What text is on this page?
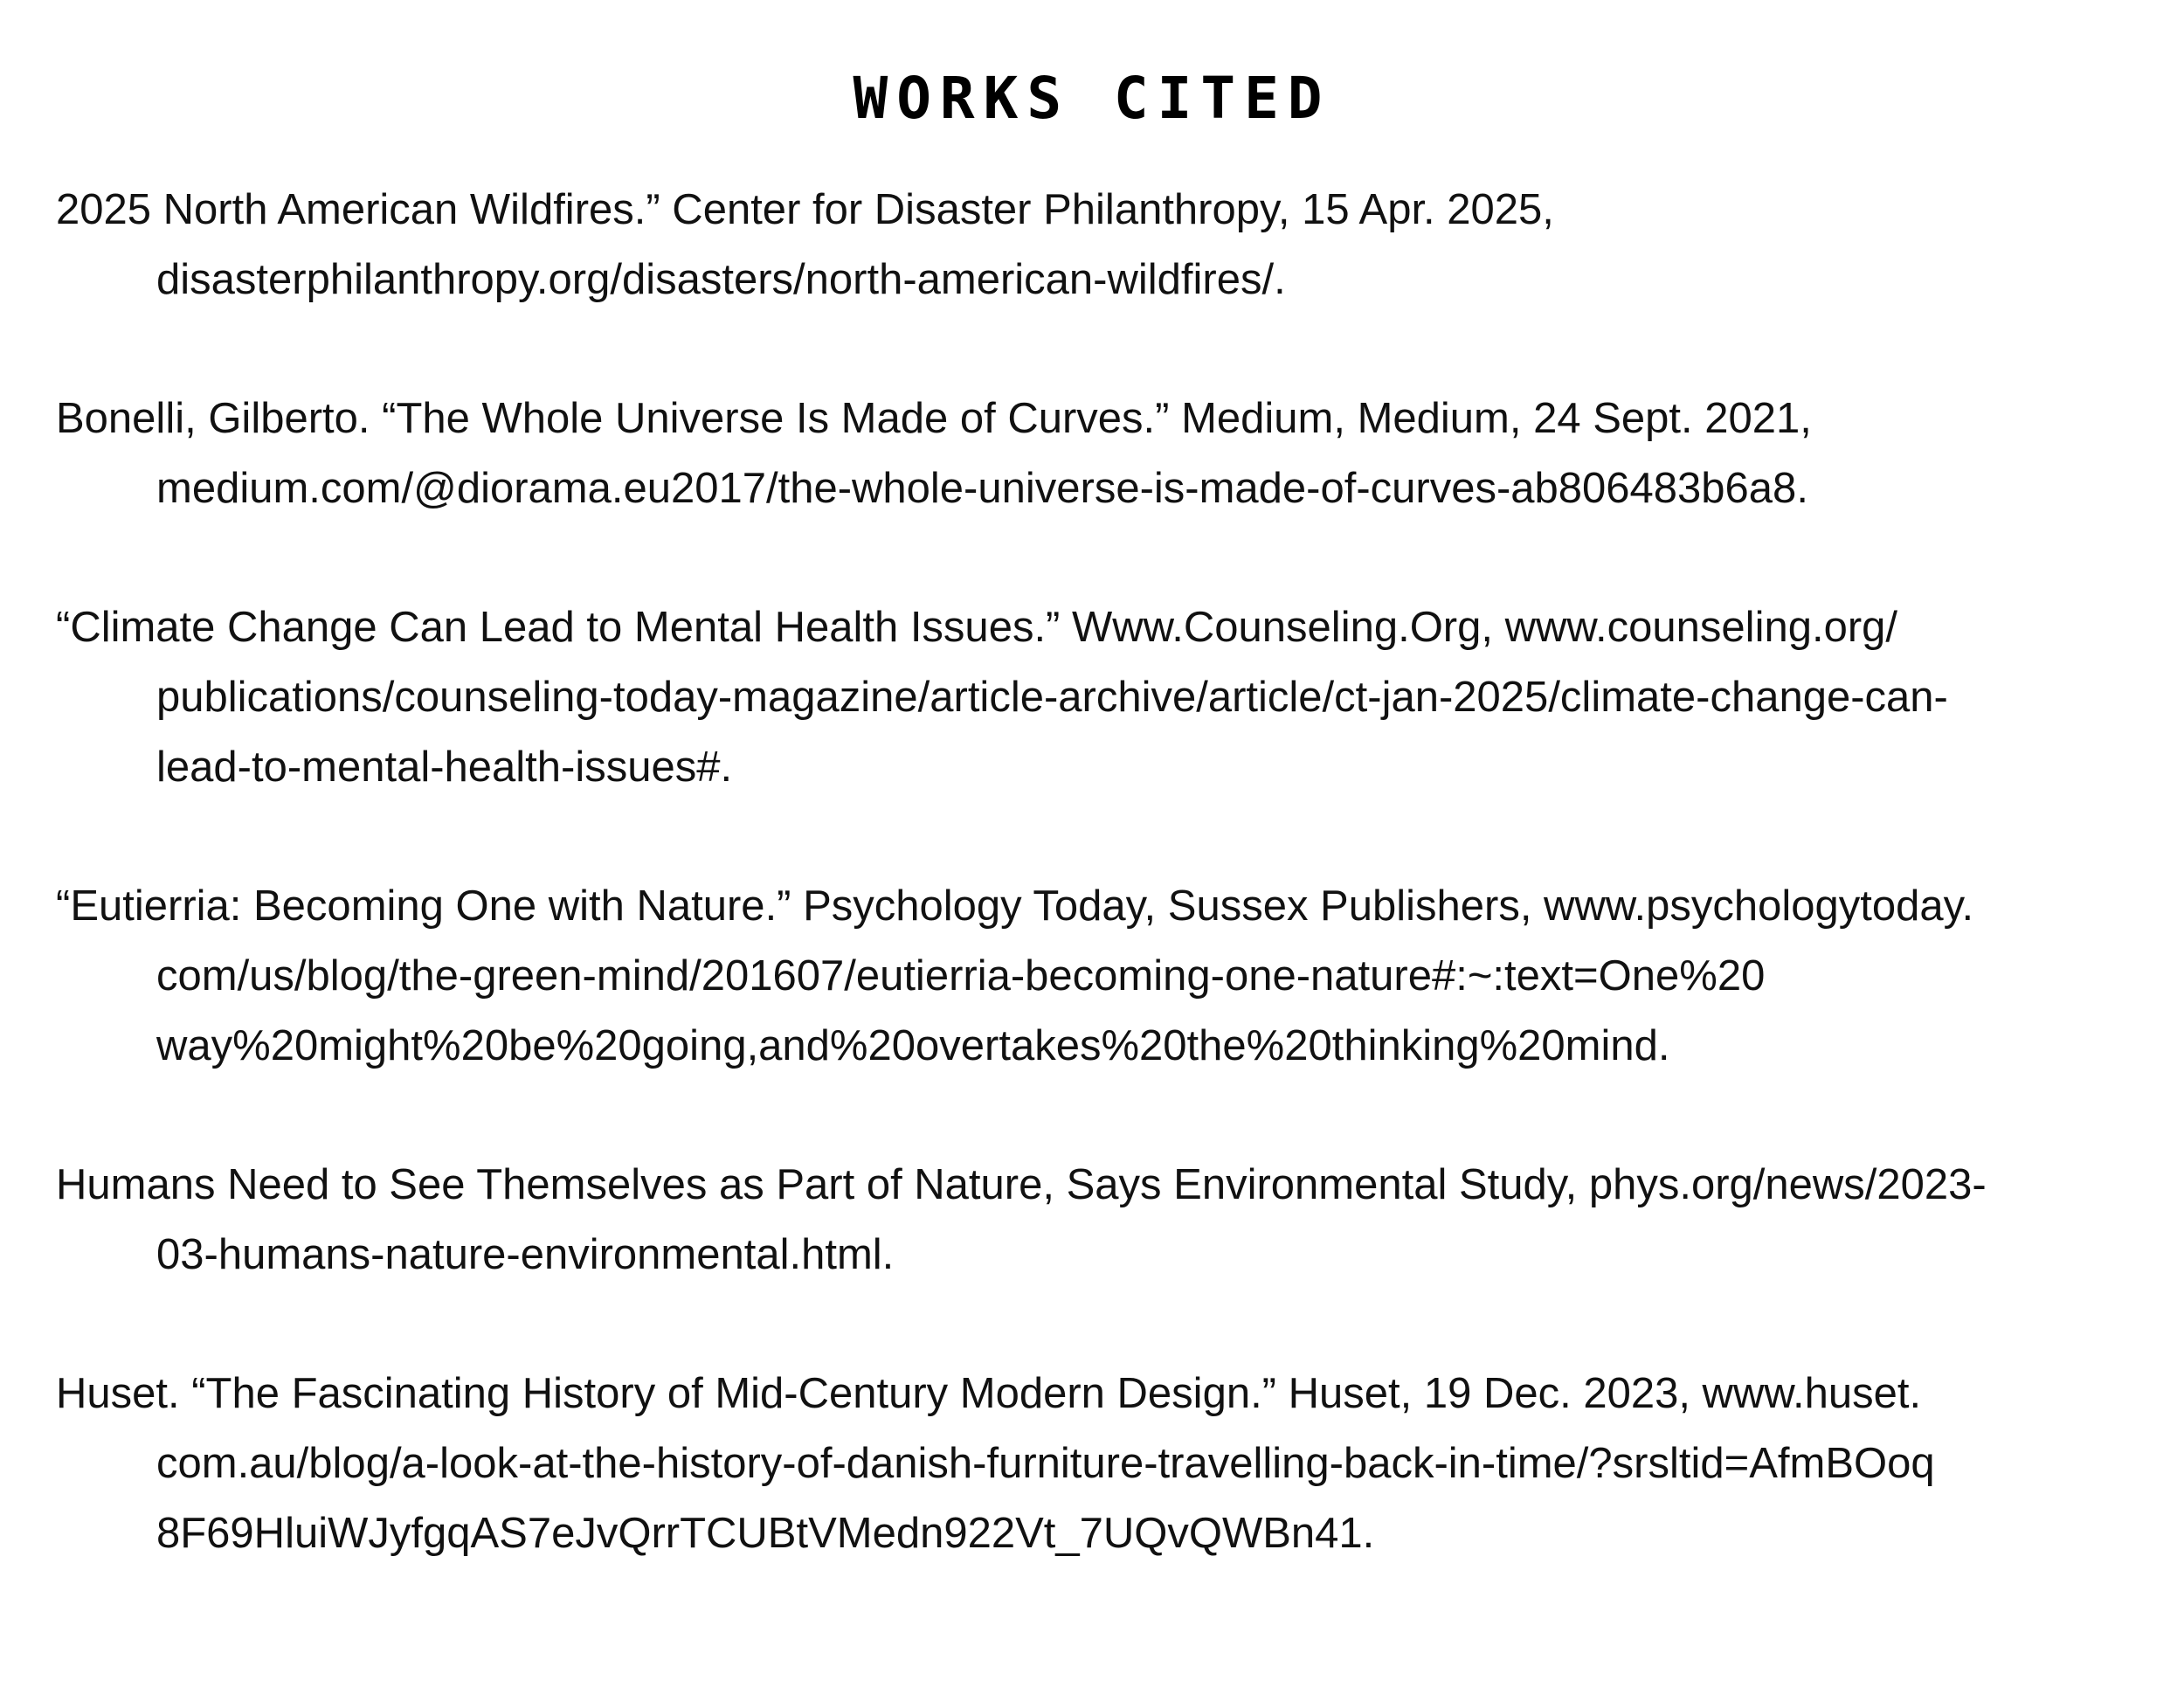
WORKS CITED
2025 North American Wildfires.” Center for Disaster Philanthropy, 15 Apr. 2025,
disasterphilanthropy.org/disasters/north-american-wildfires/.
Bonelli, Gilberto. “The Whole Universe Is Made of Curves.” Medium, Medium, 24 Sept. 2021,
medium.com/@diorama.eu2017/the-whole-universe-is-made-of-curves-ab806483b6a8.
“Climate Change Can Lead to Mental Health Issues.” Www.Counseling.Org, www.counseling.org/
publications/counseling-today-magazine/article-archive/article/ct-jan-2025/climate-change-can-
lead-to-mental-health-issues#.
“Eutierria: Becoming One with Nature.” Psychology Today, Sussex Publishers, www.psychologytoday.
com/us/blog/the-green-mind/201607/eutierria-becoming-one-nature#:~:text=One%20
way%20might%20be%20going,and%20overtakes%20the%20thinking%20mind.
Humans Need to See Themselves as Part of Nature, Says Environmental Study, phys.org/news/2023-
03-humans-nature-environmental.html.
Huset. “The Fascinating History of Mid-Century Modern Design.” Huset, 19 Dec. 2023, www.huset.
com.au/blog/a-look-at-the-history-of-danish-furniture-travelling-back-in-time/?srsltid=AfmBOoq
8F69HluiWJyfgqAS7eJvQrrTCUBtVMedn922Vt_7UQvQWBn41.
